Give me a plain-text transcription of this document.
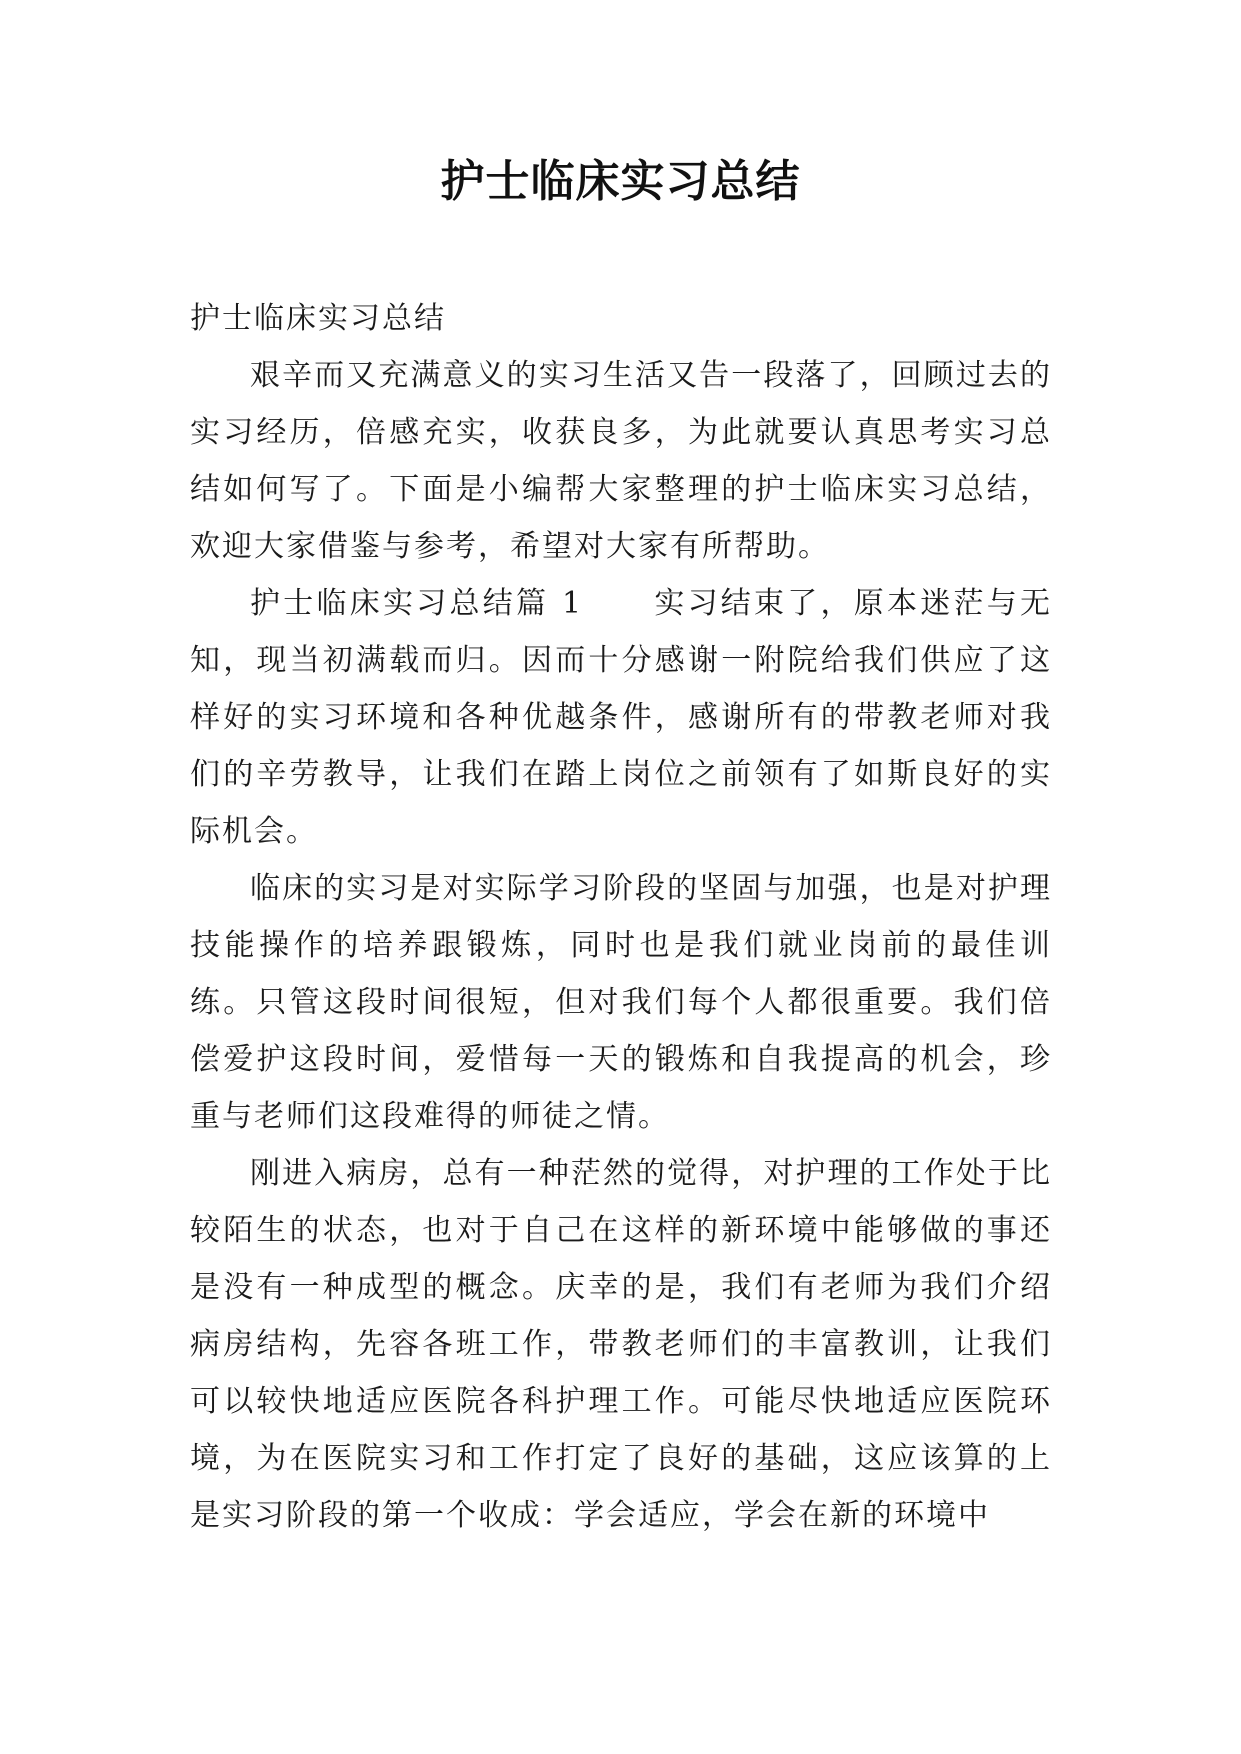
护士临床实习总结

护士临床实习总结

艰辛而又充满意义的实习生活又告一段落了，回顾过去的实习经历，倍感充实，收获良多，为此就要认真思考实习总结如何写了。下面是小编帮大家整理的护士临床实习总结，欢迎大家借鉴与参考，希望对大家有所帮助。

护士临床实习总结篇 1 实习结束了，原本迷茫与无知，现当初满载而归。因而十分感谢一附院给我们供应了这样好的实习环境和各种优越条件，感谢所有的带教老师对我们的辛劳教导，让我们在踏上岗位之前领有了如斯良好的实际机会。

临床的实习是对实际学习阶段的坚固与加强，也是对护理技能操作的培养跟锻炼，同时也是我们就业岗前的最佳训练。只管这段时间很短，但对我们每个人都很重要。我们倍偿爱护这段时间，爱惜每一天的锻炼和自我提高的机会，珍重与老师们这段难得的师徒之情。

刚进入病房，总有一种茫然的觉得，对护理的工作处于比较陌生的状态，也对于自己在这样的新环境中能够做的事还是没有一种成型的概念。庆幸的是，我们有老师为我们介绍病房结构，先容各班工作，带教老师们的丰富教训，让我们可以较快地适应医院各科护理工作。可能尽快地适应医院环境，为在医院实习和工作打定了良好的基础，这应该算的上是实习阶段的第一个收成：学会适应，学会在新的环境中
